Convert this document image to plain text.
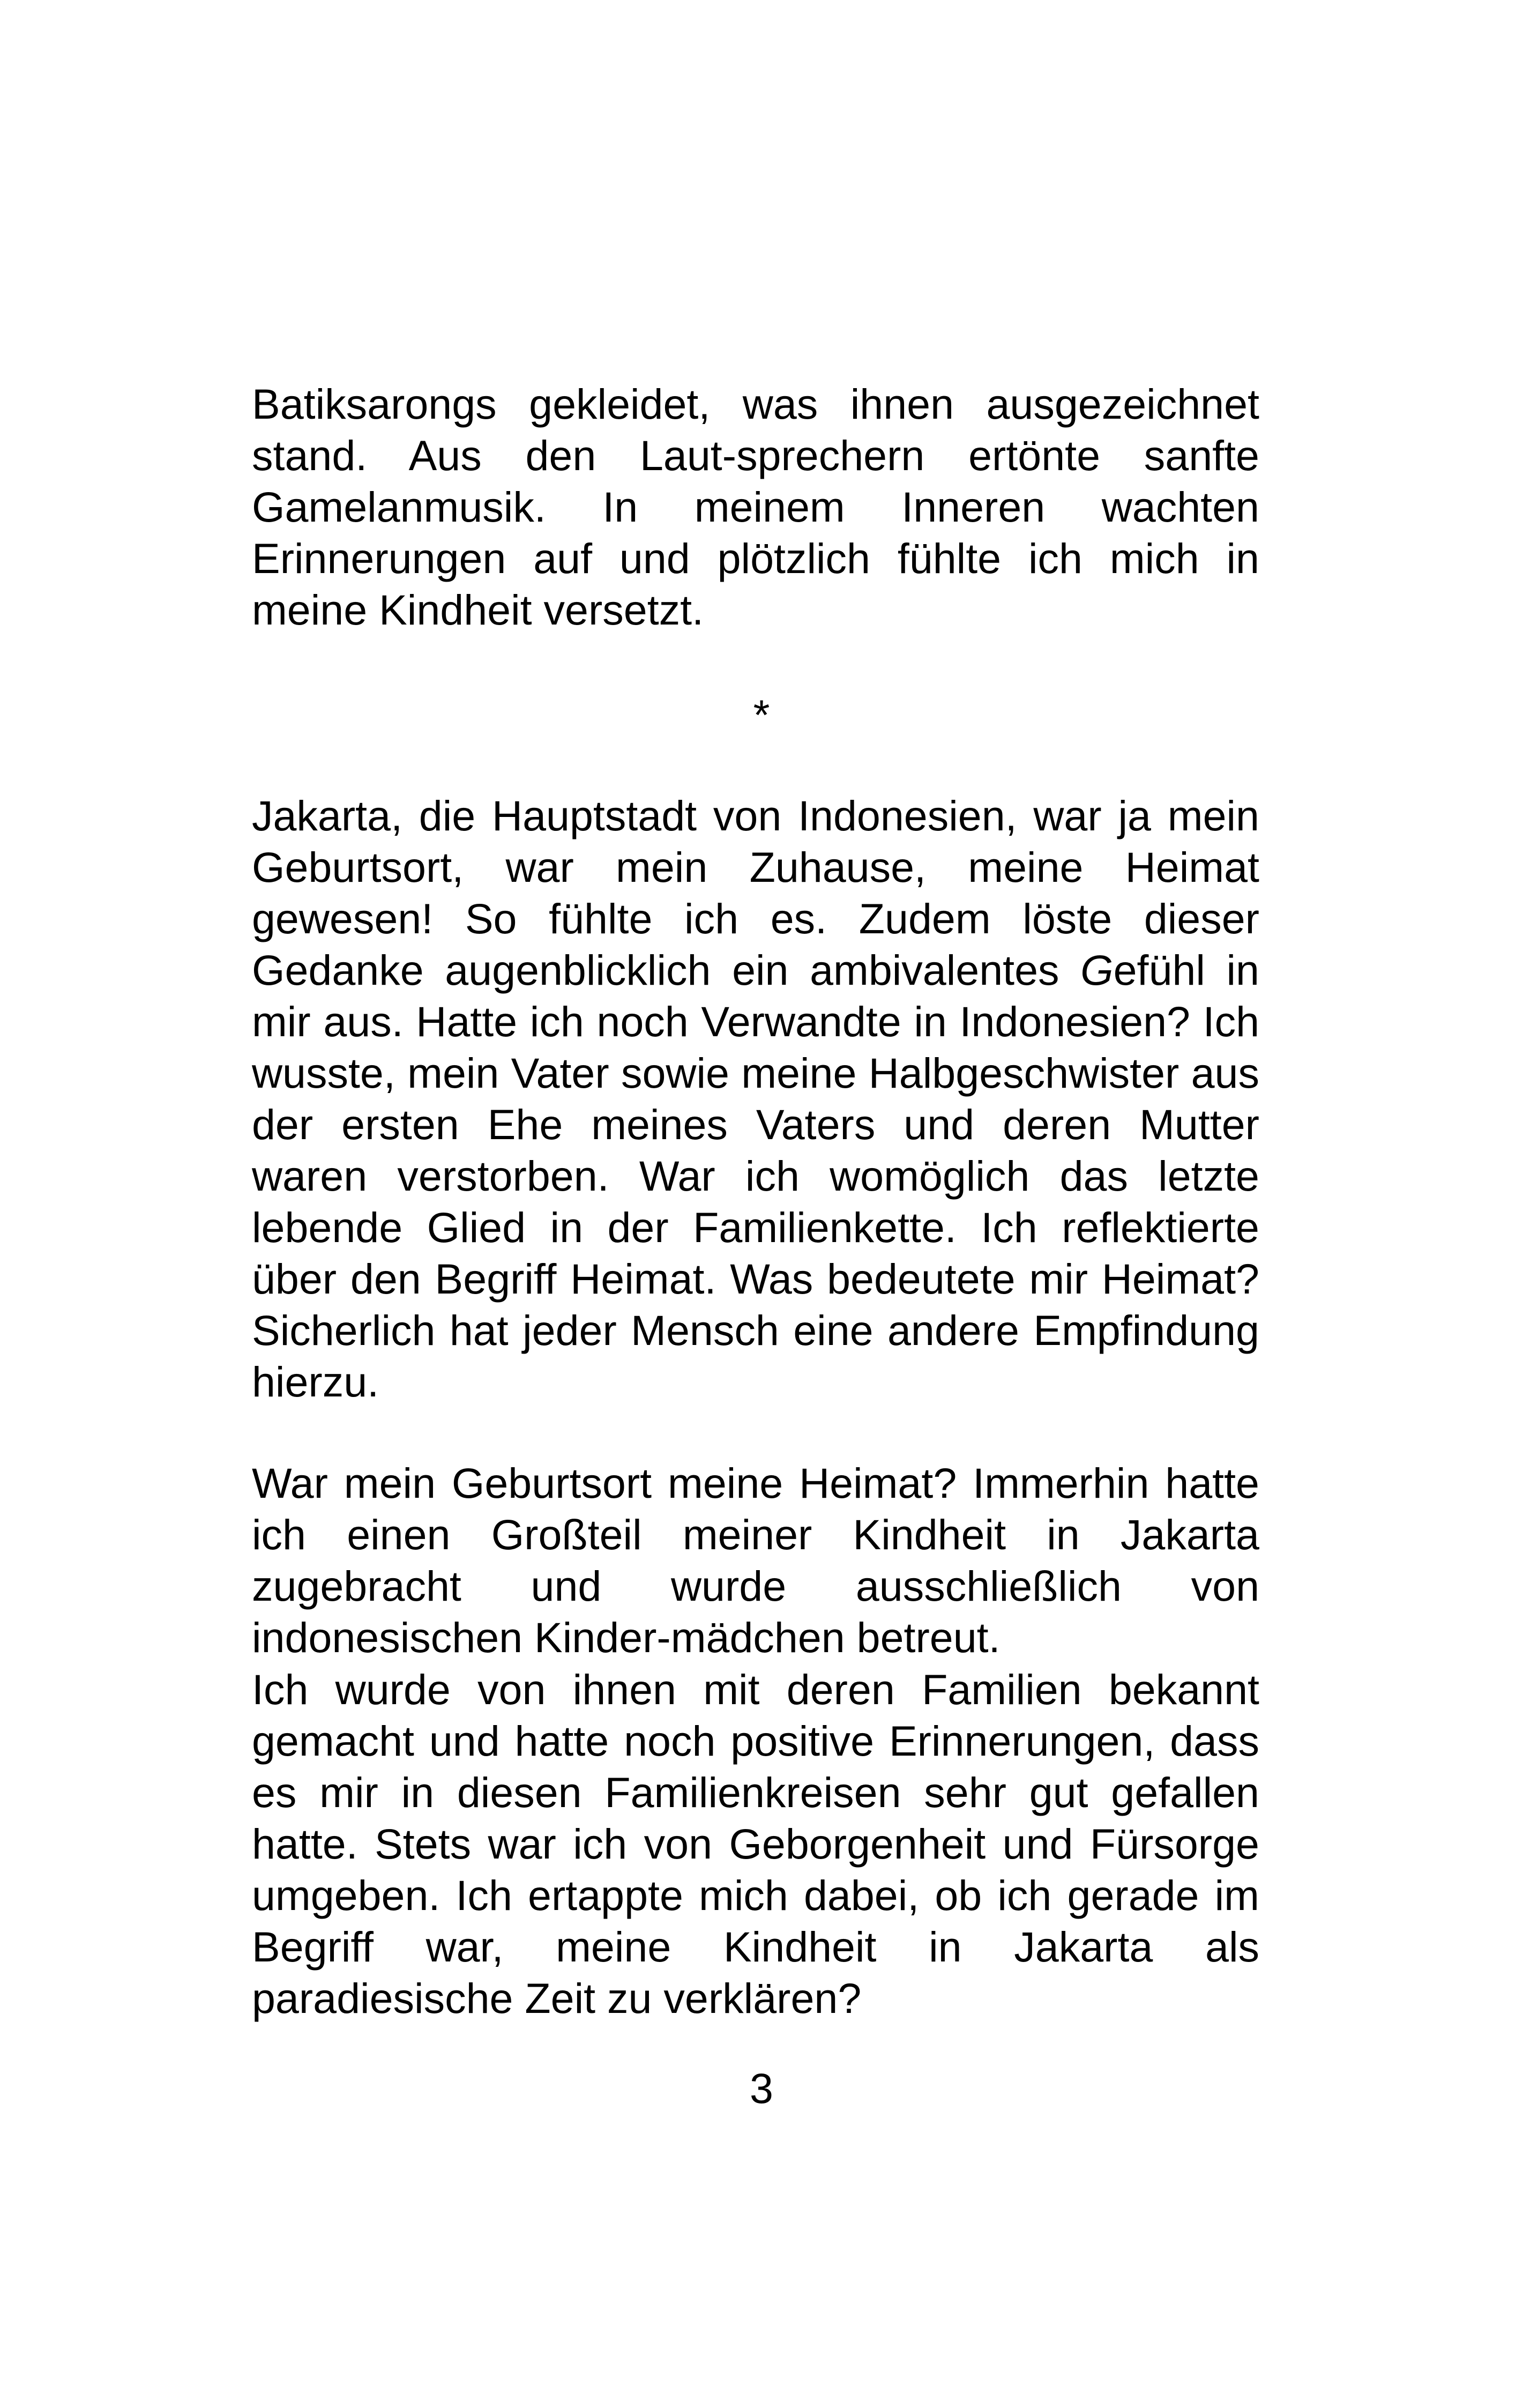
Batiksarongs gekleidet, was ihnen ausgezeichnet stand. Aus den Laut-sprechern ertönte sanfte Gamelanmusik. In meinem Inneren wachten Erinnerungen auf und plötzlich fühlte ich mich in meine Kindheit versetzt.

*

Jakarta, die Hauptstadt von Indonesien, war ja mein Geburtsort, war mein Zuhause, meine Heimat gewesen! So fühlte ich es. Zudem löste dieser Gedanke augenblicklich ein ambivalentes Gefühl in mir aus. Hatte ich noch Verwandte in Indonesien? Ich wusste, mein Vater sowie meine Halbgeschwister aus der ersten Ehe meines Vaters und deren Mutter waren verstorben. War ich womöglich das letzte lebende Glied in der Familienkette. Ich reflektierte über den Begriff Heimat. Was bedeutete mir Heimat? Sicherlich hat jeder Mensch eine andere Empfindung hierzu.

War mein Geburtsort meine Heimat? Immerhin hatte ich einen Großteil meiner Kindheit in Jakarta zugebracht und wurde ausschließlich von indonesischen Kinder-mädchen betreut.

Ich wurde von ihnen mit deren Familien bekannt gemacht und hatte noch positive Erinnerungen, dass es mir in diesen Familienkreisen sehr gut gefallen hatte. Stets war ich von Geborgenheit und Fürsorge umgeben. Ich ertappte mich dabei, ob ich gerade im Begriff war, meine Kindheit in Jakarta als paradiesische Zeit zu verklären?

3
